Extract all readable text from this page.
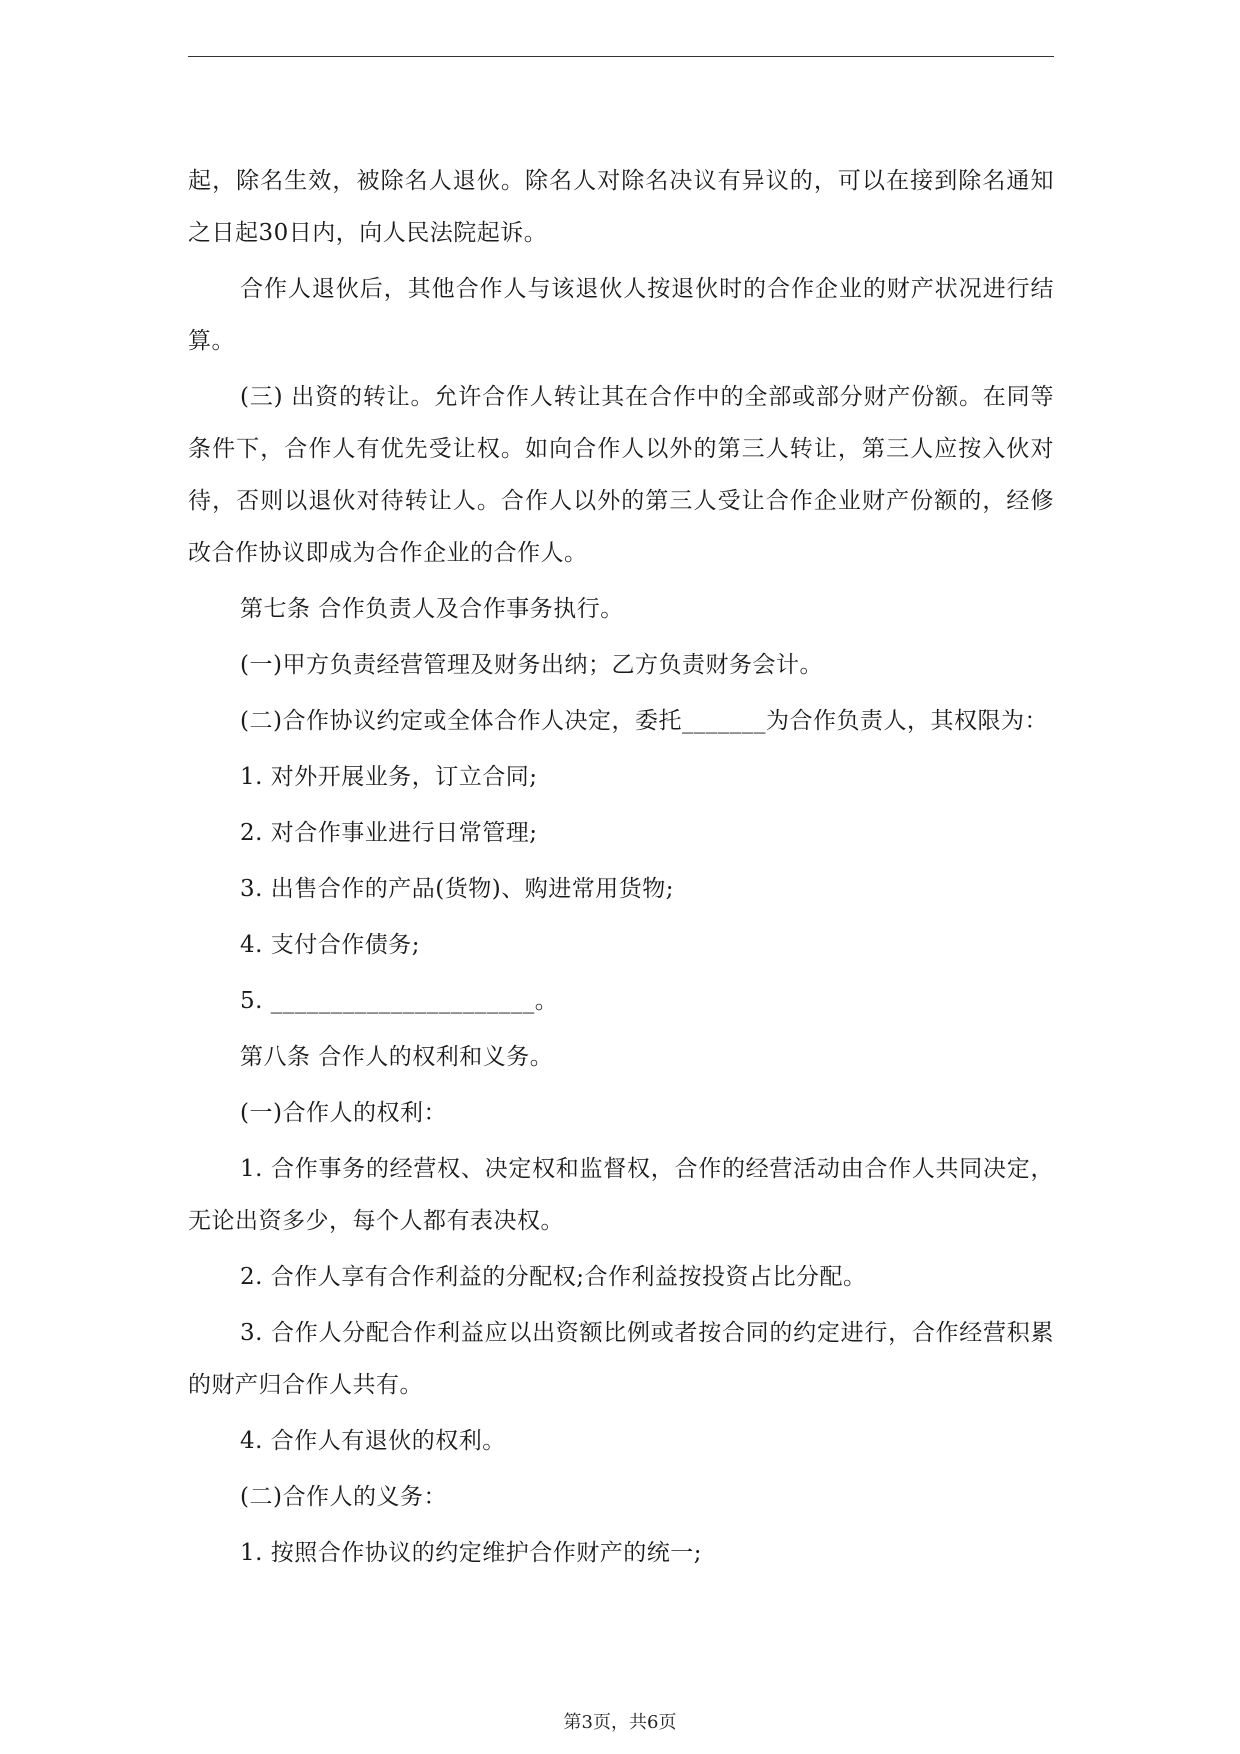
起，除名生效，被除名人退伙。除名人对除名决议有异议的，可以在接到除名通知之日起30日内，向人民法院起诉。

合作人退伙后，其他合作人与该退伙人按退伙时的合作企业的财产状况进行结算。

(三) 出资的转让。允许合作人转让其在合作中的全部或部分财产份额。在同等条件下，合作人有优先受让权。如向合作人以外的第三人转让，第三人应按入伙对待，否则以退伙对待转让人。合作人以外的第三人受让合作企业财产份额的，经修改合作协议即成为合作企业的合作人。

第七条 合作负责人及合作事务执行。

(一)甲方负责经营管理及财务出纳；乙方负责财务会计。

(二)合作协议约定或全体合作人决定，委托_______为合作负责人，其权限为：

1. 对外开展业务，订立合同;

2. 对合作事业进行日常管理;

3. 出售合作的产品(货物)、购进常用货物;

4. 支付合作债务;

5. ______________________。

第八条 合作人的权利和义务。

(一)合作人的权利：

1. 合作事务的经营权、决定权和监督权，合作的经营活动由合作人共同决定，无论出资多少，每个人都有表决权。

2. 合作人享有合作利益的分配权;合作利益按投资占比分配。

3. 合作人分配合作利益应以出资额比例或者按合同的约定进行，合作经营积累的财产归合作人共有。

4. 合作人有退伙的权利。

(二)合作人的义务：

1. 按照合作协议的约定维护合作财产的统一;

第3页，共6页
